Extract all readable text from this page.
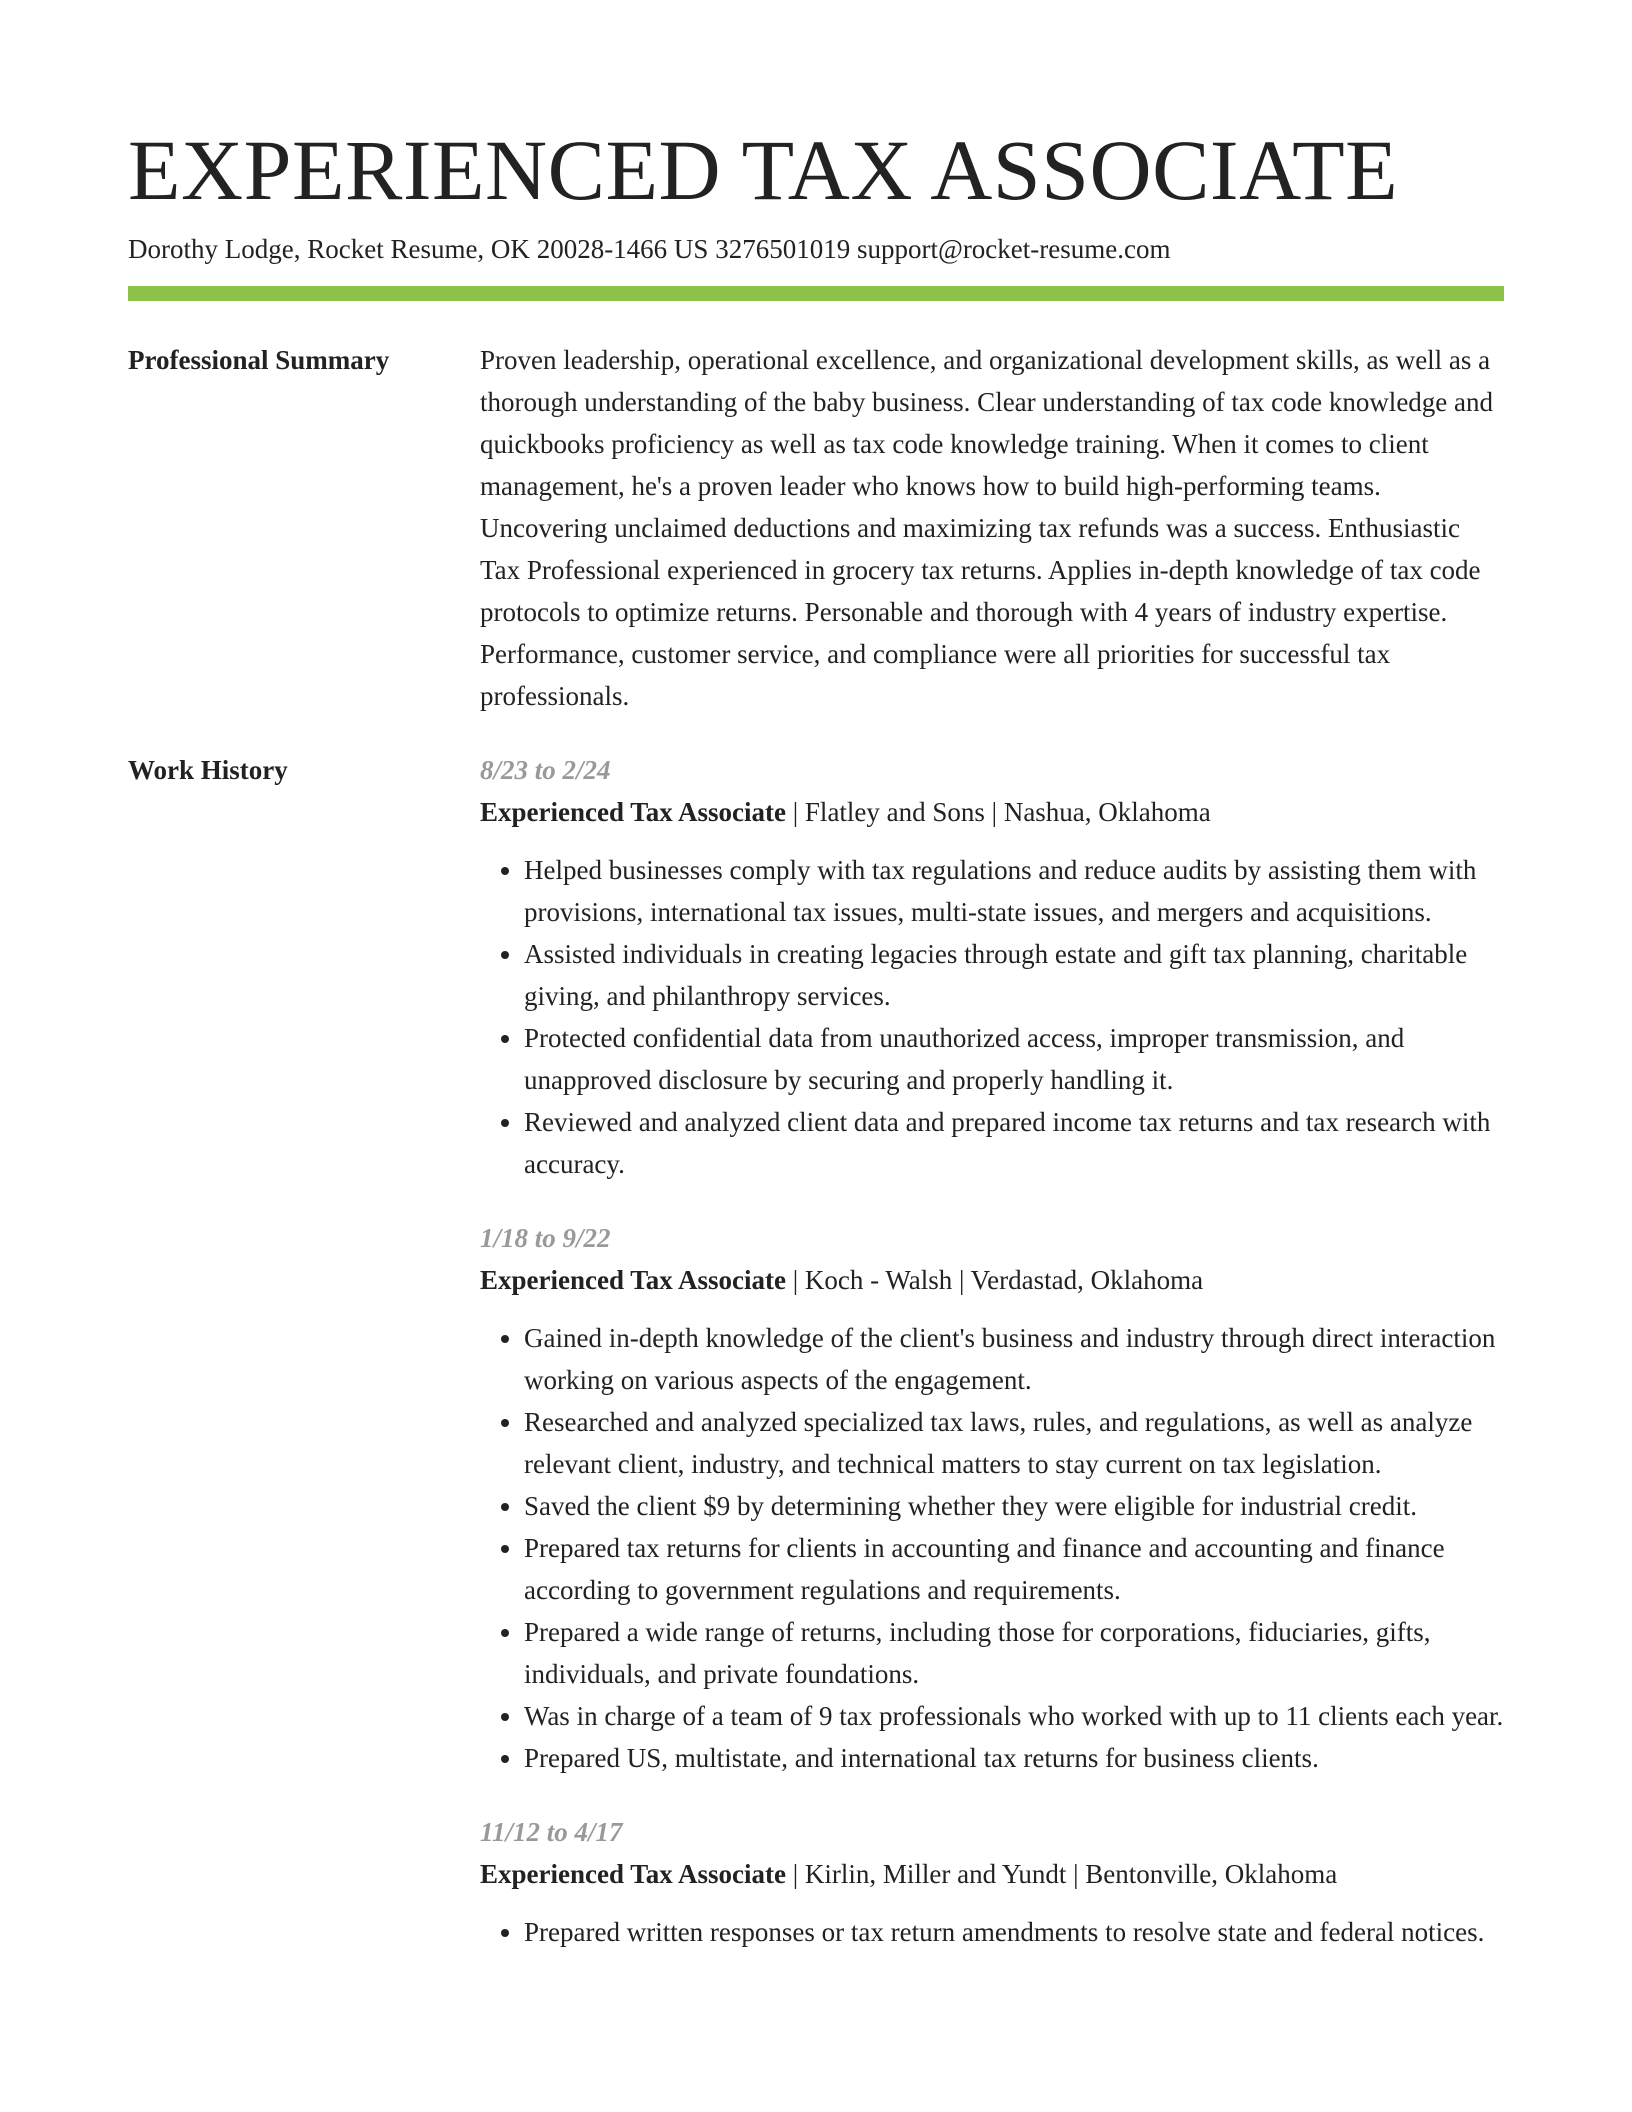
EXPERIENCED TAX ASSOCIATE
Dorothy Lodge, Rocket Resume, OK 20028-1466 US 3276501019 support@rocket-resume.com
Professional Summary	Proven leadership, operational excellence, and organizational development skills, as well as a thorough understanding of the baby business. Clear understanding of tax code knowledge and quickbooks proficiency as well as tax code knowledge training. When it comes to client management, he's a proven leader who knows how to build high-performing teams. Uncovering unclaimed deductions and maximizing tax refunds was a success. Enthusiastic Tax Professional experienced in grocery tax returns. Applies in-depth knowledge of tax code protocols to optimize returns. Personable and thorough with 4 years of industry expertise. Performance, customer service, and compliance were all priorities for successful tax professionals.

Work History	8/23 to 2/24
Experienced Tax Associate | Flatley and Sons | Nashua, Oklahoma
• Helped businesses comply with tax regulations and reduce audits by assisting them with provisions, international tax issues, multi-state issues, and mergers and acquisitions.
• Assisted individuals in creating legacies through estate and gift tax planning, charitable giving, and philanthropy services.
• Protected confidential data from unauthorized access, improper transmission, and unapproved disclosure by securing and properly handling it.
• Reviewed and analyzed client data and prepared income tax returns and tax research with accuracy.
1/18 to 9/22
Experienced Tax Associate | Koch - Walsh | Verdastad, Oklahoma
• Gained in-depth knowledge of the client's business and industry through direct interaction working on various aspects of the engagement.
• Researched and analyzed specialized tax laws, rules, and regulations, as well as analyze relevant client, industry, and technical matters to stay current on tax legislation.
• Saved the client $9 by determining whether they were eligible for industrial credit.
• Prepared tax returns for clients in accounting and finance and accounting and finance according to government regulations and requirements.
• Prepared a wide range of returns, including those for corporations, fiduciaries, gifts, individuals, and private foundations.
• Was in charge of a team of 9 tax professionals who worked with up to 11 clients each year.
• Prepared US, multistate, and international tax returns for business clients.
11/12 to 4/17
Experienced Tax Associate | Kirlin, Miller and Yundt | Bentonville, Oklahoma
• Prepared written responses or tax return amendments to resolve state and federal notices.
